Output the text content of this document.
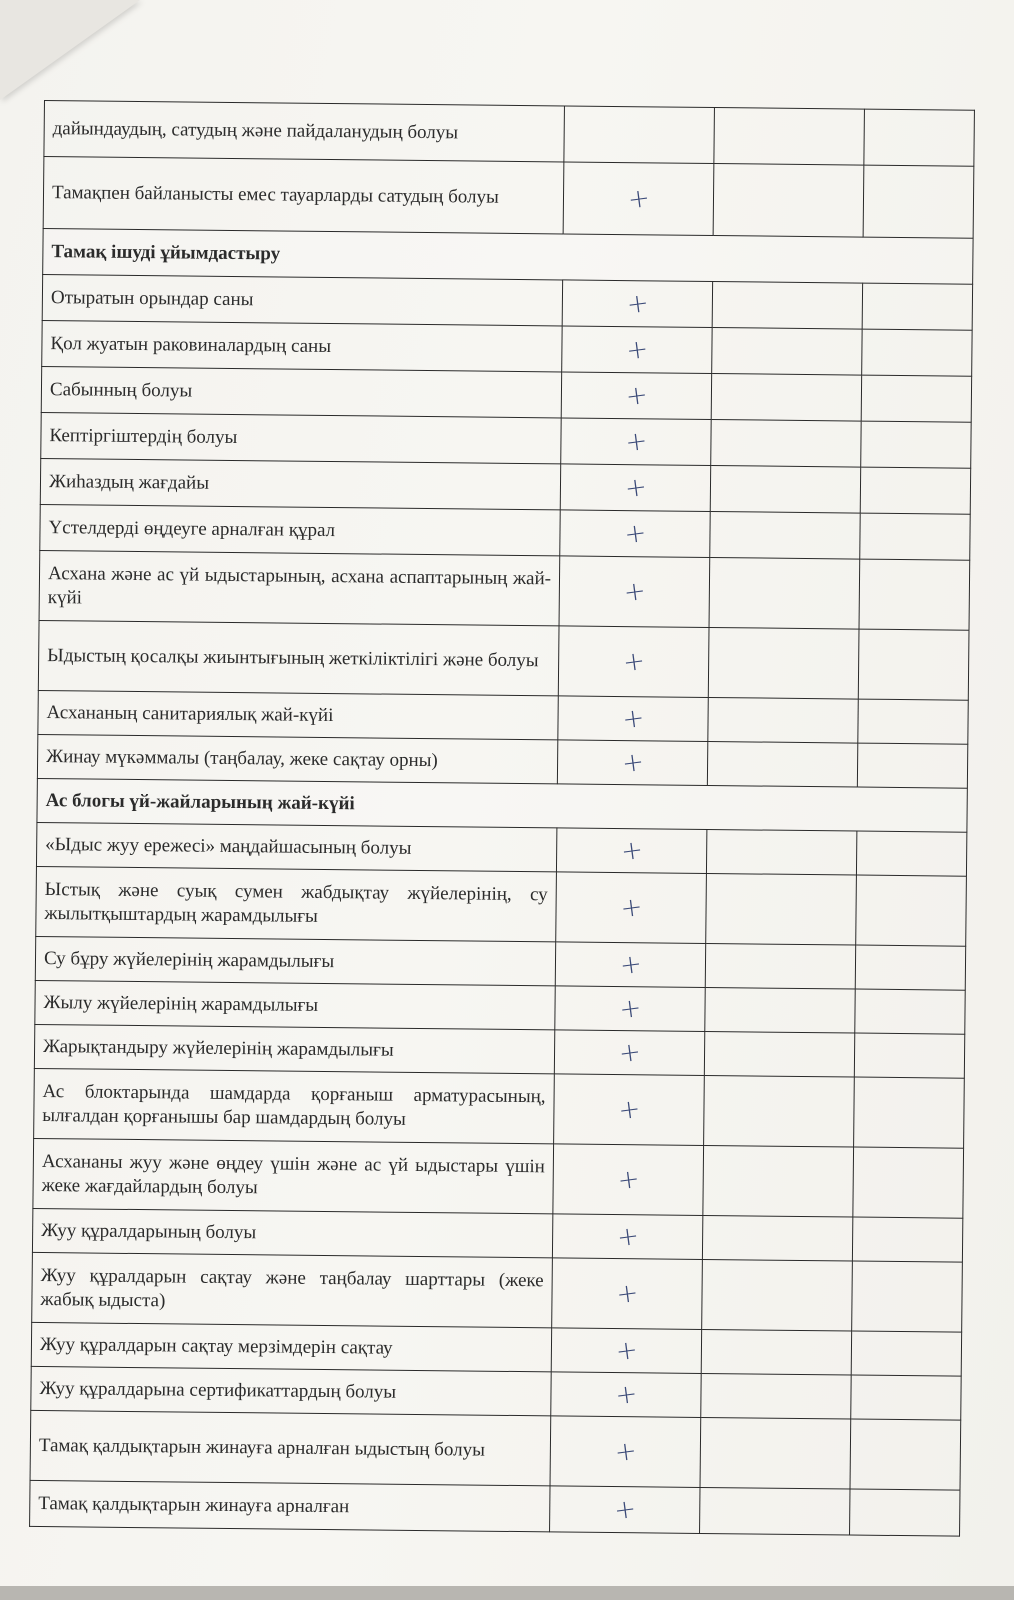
дайындаудың, сатудың және пайдаланудың болуы			
Тамақпен байланысты емес тауарларды сатудың болуы	+		
Тамақ ішуді ұйымдастыру			
Отыратын орындар саны	+		
Қол жуатын раковиналардың саны	+		
Сабынның болуы	+		
Кептіргіштердің болуы	+		
Жиһаздың жағдайы	+		
Үстелдерді өңдеуге арналған құрал	+		
Асхана және ас үй ыдыстарының, асхана аспаптарының жай-күйі	+		
Ыдыстың қосалқы жиынтығының жеткіліктілігі және болуы	+		
Асхананың санитариялық жай-күйі	+		
Жинау мүкәммалы (таңбалау, жеке сақтау орны)	+		
Ас блогы үй-жайларының жай-күйі			
«Ыдыс жуу ережесі» маңдайшасының болуы	+		
Ыстық және суық сумен жабдықтау жүйелерінің, су жылытқыштардың жарамдылығы	+		
Су бұру жүйелерінің жарамдылығы	+		
Жылу жүйелерінің жарамдылығы	+		
Жарықтандыру жүйелерінің жарамдылығы	+		
Ас блоктарында шамдарда қорғаныш арматурасының, ылғалдан қорғанышы бар шамдардың болуы	+		
Асхананы жуу және өңдеу үшін және ас үй ыдыстары үшін жеке жағдайлардың болуы	+		
Жуу құралдарының болуы	+		
Жуу құралдарын сақтау және таңбалау шарттары (жеке жабық ыдыста)	+		
Жуу құралдарын сақтау мерзімдерін сақтау	+		
Жуу құралдарына сертификаттардың болуы	+		
Тамақ қалдықтарын жинауға арналған ыдыстың болуы	+		
Тамақ қалдықтарын жинауға арналған	+		
